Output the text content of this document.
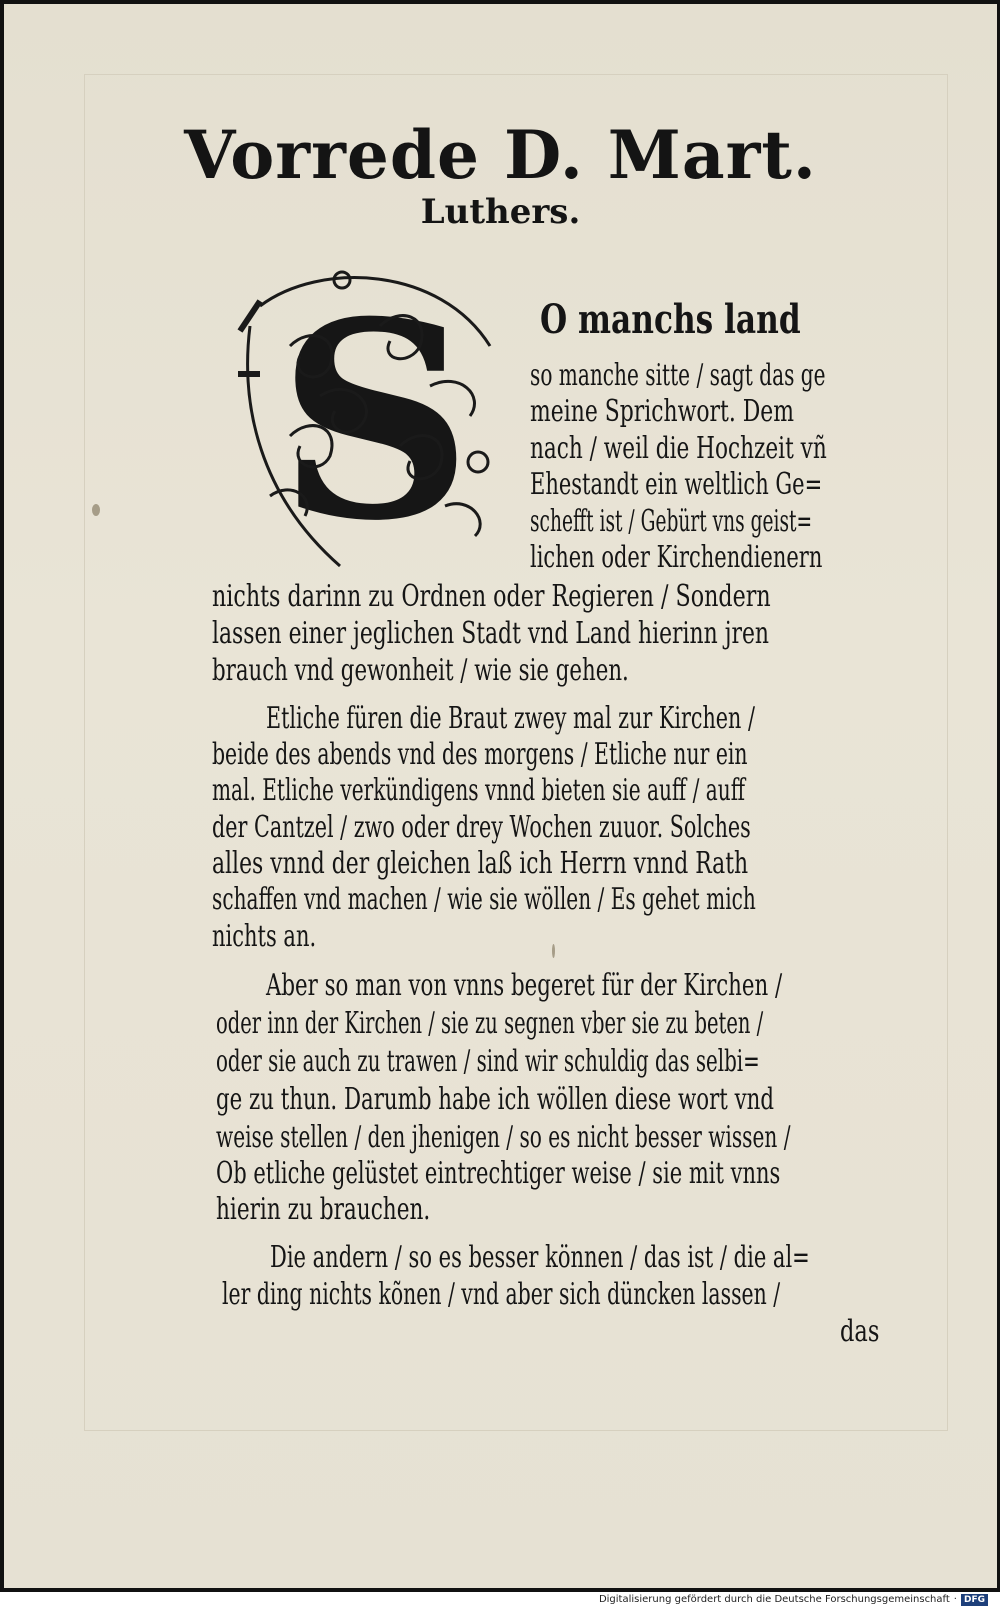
Vorrede D. Mart.
Luthers.
S O manchs land
so manche sitte / sagt das ge
meine Sprichwort. Dem
nach / weil die Hochzeit vñ
Ehestandt ein weltlich Ge=
schefft ist / Gebürt vns geist=
lichen oder Kirchendienern
nichts darinn zu Ordnen oder Regieren / Sondern
lassen einer jeglichen Stadt vnd Land hierinn jren
brauch vnd gewonheit / wie sie gehen.
Etliche füren die Braut zwey mal zur Kirchen /
beide des abends vnd des morgens / Etliche nur ein
mal. Etliche verkündigens vnnd bieten sie auff / auff
der Cantzel / zwo oder drey Wochen zuuor. Solches
alles vnnd der gleichen laß ich Herrn vnnd Rath
schaffen vnd machen / wie sie wöllen / Es gehet mich
nichts an.
Aber so man von vnns begeret für der Kirchen /
oder inn der Kirchen / sie zu segnen vber sie zu beten /
oder sie auch zu trawen / sind wir schuldig das selbi=
ge zu thun. Darumb habe ich wöllen diese wort vnd
weise stellen / den jhenigen / so es nicht besser wissen /
Ob etliche gelüstet eintrechtiger weise / sie mit vnns
hierin zu brauchen.
Die andern / so es besser können / das ist / die al=
ler ding nichts kõnen / vnd aber sich düncken lassen /
das
Digitalisierung gefördert durch die Deutsche Forschungsgemeinschaft · DFG
